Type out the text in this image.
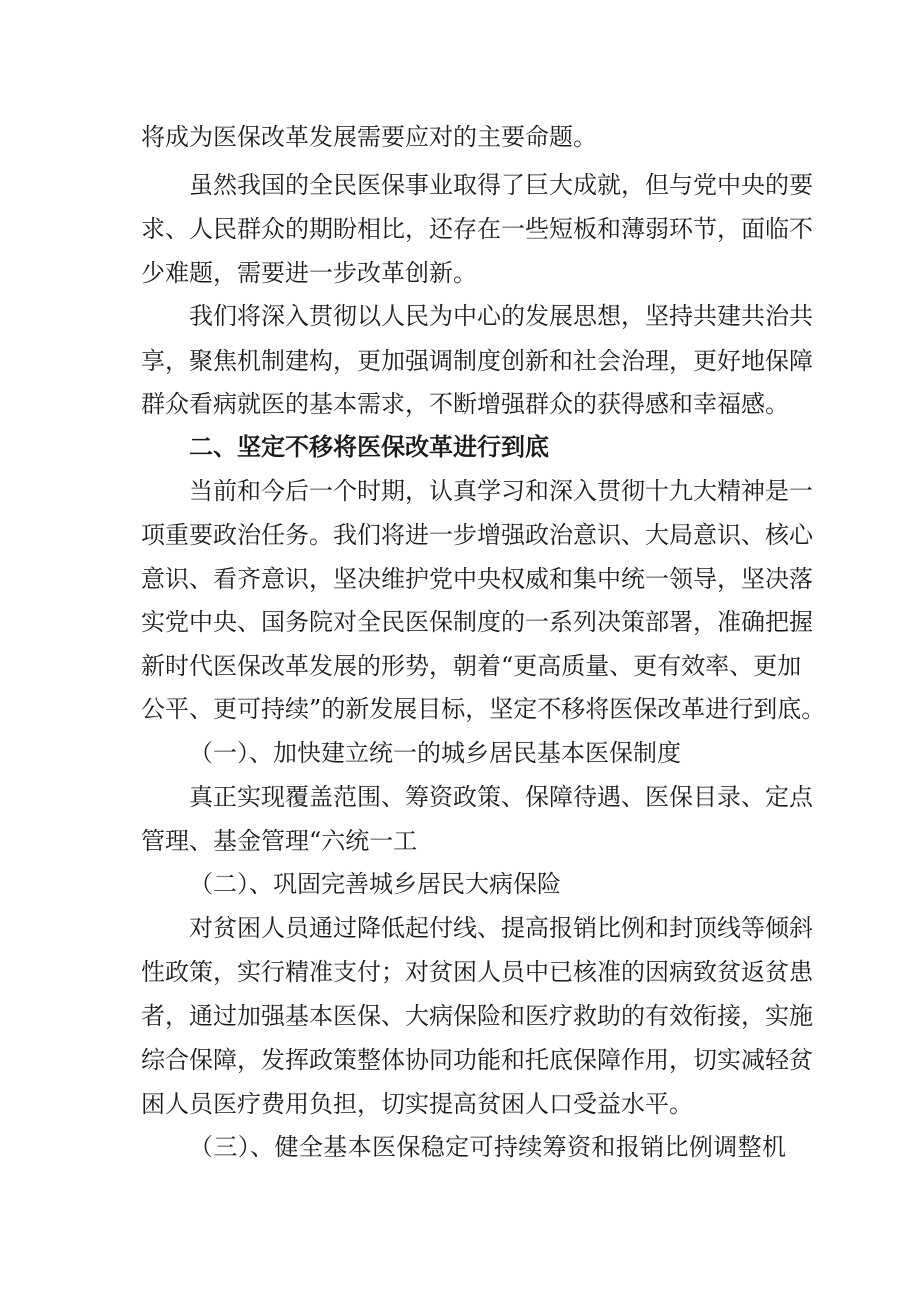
将成为医保改革发展需要应对的主要命题。
虽然我国的全民医保事业取得了巨大成就，但与党中央的要
求、人民群众的期盼相比，还存在一些短板和薄弱环节，面临不
少难题，需要进一步改革创新。
我们将深入贯彻以人民为中心的发展思想，坚持共建共治共
享，聚焦机制建构，更加强调制度创新和社会治理，更好地保障
群众看病就医的基本需求，不断增强群众的获得感和幸福感。
二、坚定不移将医保改革进行到底
当前和今后一个时期，认真学习和深入贯彻十九大精神是一
项重要政治任务。我们将进一步增强政治意识、大局意识、核心
意识、看齐意识，坚决维护党中央权威和集中统一领导，坚决落
实党中央、国务院对全民医保制度的一系列决策部署，准确把握
新时代医保改革发展的形势，朝着“更高质量、更有效率、更加
公平、更可持续”的新发展目标，坚定不移将医保改革进行到底。
（一）、加快建立统一的城乡居民基本医保制度
真正实现覆盖范围、筹资政策、保障待遇、医保目录、定点
管理、基金管理“六统一工
（二）、巩固完善城乡居民大病保险
对贫困人员通过降低起付线、提高报销比例和封顶线等倾斜
性政策，实行精准支付；对贫困人员中已核准的因病致贫返贫患
者，通过加强基本医保、大病保险和医疗救助的有效衔接，实施
综合保障，发挥政策整体协同功能和托底保障作用，切实减轻贫
困人员医疗费用负担，切实提高贫困人口受益水平。
（三）、健全基本医保稳定可持续筹资和报销比例调整机
